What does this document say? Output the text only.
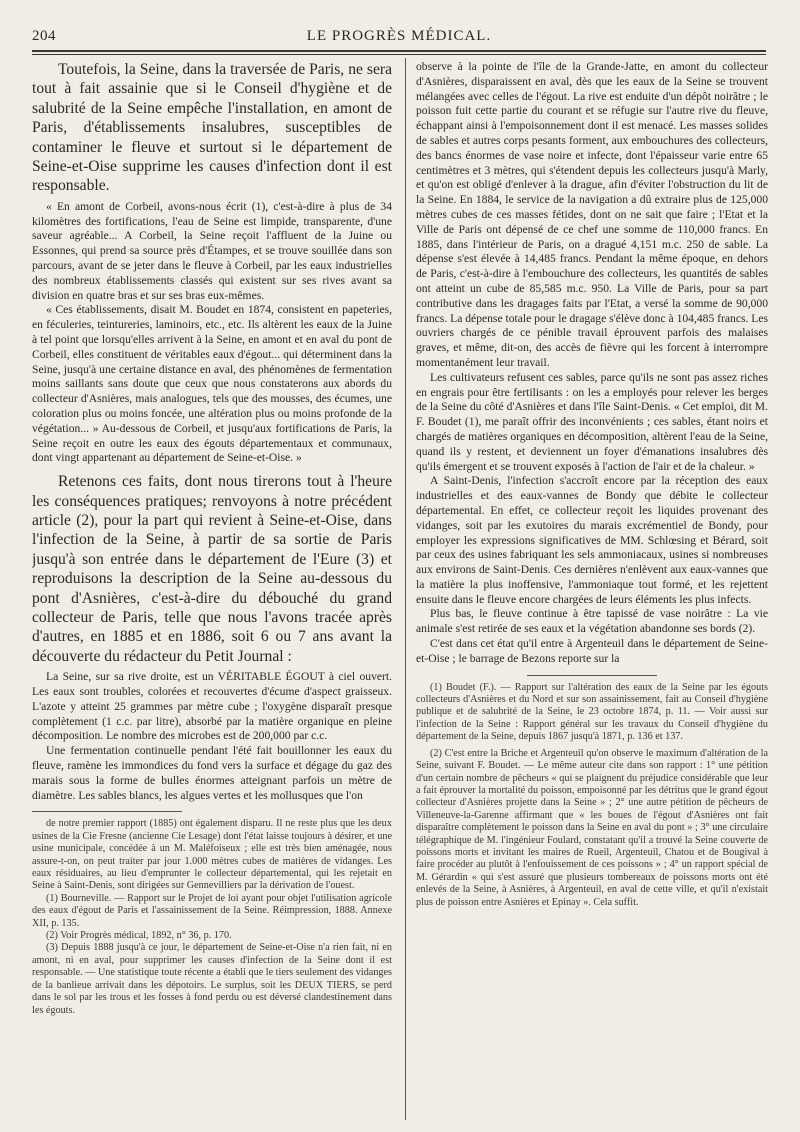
204	LE PROGRÈS MÉDICAL.

Toutefois, la Seine, dans la traversée de Paris, ne sera tout à fait assainie que si le Conseil d'hygiène et de salubrité de la Seine empêche l'installation, en amont de Paris, d'établissements insalubres, susceptibles de contaminer le fleuve et surtout si le département de Seine-et-Oise supprime les causes d'infection dont il est responsable.

« En amont de Corbeil, avons-nous écrit (1), c'est-à-dire à plus de 34 kilomètres des fortifications, l'eau de Seine est limpide, transparente, d'une saveur agréable... A Corbeil, la Seine reçoit l'affluent de la Juine ou Essonnes, qui prend sa source près d'Étampes, et se trouve souillée dans son parcours, avant de se jeter dans le fleuve à Corbeil, par les eaux industrielles des nombreux établissements classés qui existent sur ses rives avant sa division en quatre bras et sur ses bras eux-mêmes.

« Ces établissements, disait M. Boudet en 1874, consistent en papeteries, en féculeries, teintureries, laminoirs, etc., etc. Ils altèrent les eaux de la Juine à tel point que lorsqu'elles arrivent à la Seine, en amont et en aval du pont de Corbeil, elles constituent de véritables eaux d'égout... qui déterminent dans la Seine, jusqu'à une certaine distance en aval, des phénomènes de fermentation moins saillants sans doute que ceux que nous constaterons aux abords du collecteur d'Asnières, mais analogues, tels que des mousses, des écumes, une coloration plus ou moins foncée, une altération plus ou moins profonde de la végétation... » Au-dessous de Corbeil, et jusqu'aux fortifications de Paris, la Seine reçoit en outre les eaux des égouts départementaux et communaux, dont vingt appartenant au département de Seine-et-Oise. »

Retenons ces faits, dont nous tirerons tout à l'heure les conséquences pratiques; renvoyons à notre précédent article (2), pour la part qui revient à Seine-et-Oise, dans l'infection de la Seine, à partir de sa sortie de Paris jusqu'à son entrée dans le département de l'Eure (3) et reproduisons la description de la Seine au-dessous du pont d'Asnières, c'est-à-dire du débouché du grand collecteur de Paris, telle que nous l'avons tracée après d'autres, en 1885 et en 1886, soit 6 ou 7 ans avant la découverte du rédacteur du Petit Journal :

La Seine, sur sa rive droite, est un VÉRITABLE ÉGOUT à ciel ouvert. Les eaux sont troubles, colorées et recouvertes d'écume d'aspect graisseux. L'azote y atteint 25 grammes par mètre cube ; l'oxygène disparaît presque complètement (1 c.c. par litre), absorbé par la matière organique en pleine décomposition. Le nombre des microbes est de 200,000 par c.c.

Une fermentation continuelle pendant l'été fait bouillonner les eaux du fleuve, ramène les immondices du fond vers la surface et dégage du gaz des marais sous la forme de bulles énormes atteignant parfois un mètre de diamètre. Les sables blancs, les algues vertes et les mollusques que l'on

de notre premier rapport (1885) ont également disparu. Il ne reste plus que les deux usines de la Cie Fresne (ancienne Cie Lesage) dont l'état laisse toujours à désirer, et une usine municipale, concédée à un M. Maléfoiseux ; elle est très bien aménagée, nous assure-t-on, on peut traiter par jour 1.000 mètres cubes de matières de vidanges. Les eaux résiduaires, au lieu d'emprunter le collecteur départemental, qui les rejetait en Seine à Saint-Denis, sont dirigées sur Gennevilliers par la dérivation de l'ouest.

(1) Bourneville. — Rapport sur le Projet de loi ayant pour objet l'utilisation agricole des eaux d'égout de Paris et l'assainissement de la Seine. Réimpression, 1888. Annexe XII, p. 135.

(2) Voir Progrès médical, 1892, n° 36, p. 170.

(3) Depuis 1888 jusqu'à ce jour, le département de Seine-et-Oise n'a rien fait, ni en amont, ni en aval, pour supprimer les causes d'infection de la Seine dont il est responsable. — Une statistique toute récente a établi que le tiers seulement des vidanges de la banlieue arrivait dans les dépotoirs. Le surplus, soit les DEUX TIERS, se perd dans le sol par les trous et les fosses à fond perdu ou est déversé clandestinement dans les égouts.

observe à la pointe de l'île de la Grande-Jatte, en amont du collecteur d'Asnières, disparaissent en aval, dès que les eaux de la Seine se trouvent mélangées avec celles de l'égout. La rive est enduite d'un dépôt noirâtre ; le poisson fuit cette partie du courant et se réfugie sur l'autre rive du fleuve, échappant ainsi à l'empoisonnement dont il est menacé. Les masses solides de sables et autres corps pesants forment, aux embouchures des collecteurs, des bancs énormes de vase noire et infecte, dont l'épaisseur varie entre 65 centimètres et 3 mètres, qui s'étendent depuis les collecteurs jusqu'à Marly, et qu'on est obligé d'enlever à la drague, afin d'éviter l'obstruction du lit de la Seine. En 1884, le service de la navigation a dû extraire plus de 125,000 mètres cubes de ces masses fétides, dont on ne sait que faire ; l'Etat et la Ville de Paris ont dépensé de ce chef une somme de 110,000 francs. En 1885, dans l'intérieur de Paris, on a dragué 4,151 m.c. 250 de sable. La dépense s'est élevée à 14,485 francs. Pendant la même époque, en dehors de Paris, c'est-à-dire à l'embouchure des collecteurs, les quantités de sables ont atteint un cube de 85,585 m.c. 950. La Ville de Paris, pour sa part contributive dans les dragages faits par l'Etat, a versé la somme de 90,000 francs. La dépense totale pour le dragage s'élève donc à 104,485 francs. Les ouvriers chargés de ce pénible travail éprouvent parfois des malaises graves, et même, dit-on, des accès de fièvre qui les forcent à interrompre momentanément leur travail.

Les cultivateurs refusent ces sables, parce qu'ils ne sont pas assez riches en engrais pour être fertilisants : on les a employés pour relever les berges de la Seine du côté d'Asnières et dans l'île Saint-Denis. « Cet emploi, dit M. F. Boudet (1), me paraît offrir des inconvénients ; ces sables, étant noirs et chargés de matières organiques en décomposition, altèrent l'eau de la Seine, quand ils y restent, et deviennent un foyer d'émanations insalubres dès qu'ils émergent et se trouvent exposés à l'action de l'air et de la chaleur. »

A Saint-Denis, l'infection s'accroît encore par la réception des eaux industrielles et des eaux-vannes de Bondy que débite le collecteur départemental. En effet, ce collecteur reçoit les liquides provenant des vidanges, soit par les exutoires du marais excrémentiel de Bondy, pour employer les expressions significatives de MM. Schlœsing et Bérard, soit par ceux des usines fabriquant les sels ammoniacaux, usines si nombreuses aux environs de Saint-Denis. Ces dernières n'enlèvent aux eaux-vannes que la matière la plus inoffensive, l'ammoniaque tout formé, et les rejettent ensuite dans le fleuve encore chargées de leurs éléments les plus infects.

Plus bas, le fleuve continue à être tapissé de vase noirâtre : La vie animale s'est retirée de ses eaux et la végétation abandonne ses bords (2).

C'est dans cet état qu'il entre à Argenteuil dans le département de Seine-et-Oise ; le barrage de Bezons reporte sur la

(1) Boudet (F.). — Rapport sur l'altération des eaux de la Seine par les égouts collecteurs d'Asnières et du Nord et sur son assainissement, fait au Conseil d'hygiène publique et de salubrité de la Seine, le 23 octobre 1874, p. 11. — Voir aussi sur l'infection de la Seine : Rapport général sur les travaux du Conseil d'hygiène du département de la Seine, depuis 1867 jusqu'à 1871, p. 136 et 137.

(2) C'est entre la Briche et Argenteuil qu'on observe le maximum d'altération de la Seine, suivant F. Boudet. — Le même auteur cite dans son rapport : 1° une pétition d'un certain nombre de pêcheurs « qui se plaignent du préjudice considérable que leur a fait éprouver la mortalité du poisson, empoisonné par les détritus que le grand égout collecteur d'Asnières projette dans la Seine » ; 2° une autre pétition de pêcheurs de Villeneuve-la-Garenne affirmant que « les boues de l'égout d'Asnières ont fait disparaître complètement le poisson dans la Seine en aval du pont » ; 3° une circulaire télégraphique de M. l'ingénieur Foulard, constatant qu'il a trouvé la Seine couverte de poissons morts et invitant les maires de Rueil, Argenteuil, Chatou et de Bougival à faire procéder au plutôt à l'enfouissement de ces poissons » ; 4° un rapport spécial de M. Gérardin « qui s'est assuré que plusieurs tombereaux de poissons morts ont été enlevés de la Seine, à Asnières, à Argenteuil, en aval de cette ville, et qu'il n'existait plus de poisson entre Asnières et Epinay ». Cela suffit.
